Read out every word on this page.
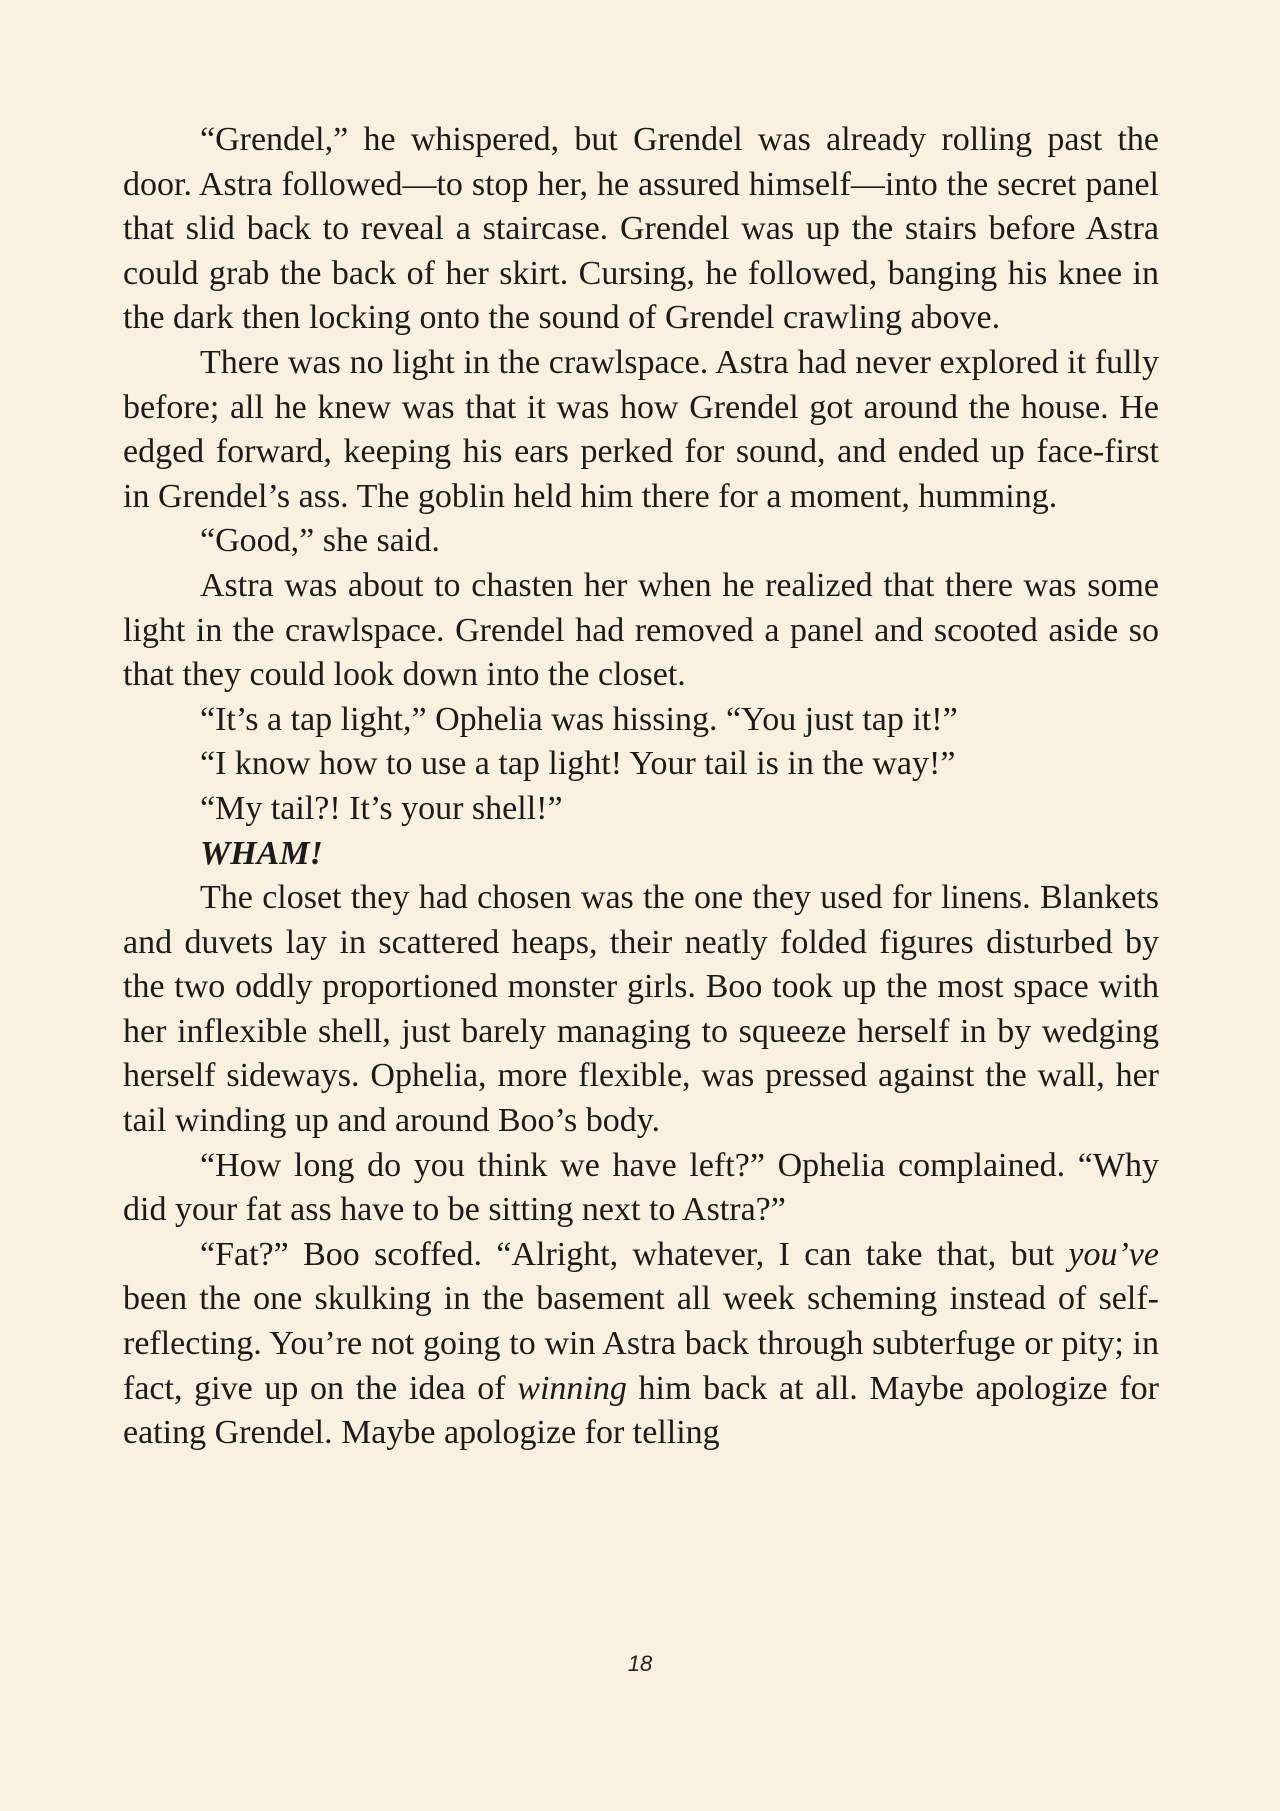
“Grendel,” he whispered, but Grendel was already rolling past the door. Astra followed—to stop her, he assured himself—into the secret panel that slid back to reveal a staircase. Grendel was up the stairs before Astra could grab the back of her skirt. Cursing, he followed, banging his knee in the dark then locking onto the sound of Grendel crawling above.

There was no light in the crawlspace. Astra had never explored it fully before; all he knew was that it was how Grendel got around the house. He edged forward, keeping his ears perked for sound, and ended up face-first in Grendel’s ass. The goblin held him there for a moment, humming.

“Good,” she said.

Astra was about to chasten her when he realized that there was some light in the crawlspace. Grendel had removed a panel and scooted aside so that they could look down into the closet.

“It’s a tap light,” Ophelia was hissing. “You just tap it!”

“I know how to use a tap light! Your tail is in the way!”

“My tail?! It’s your shell!”

WHAM!

The closet they had chosen was the one they used for linens. Blankets and duvets lay in scattered heaps, their neatly folded figures disturbed by the two oddly proportioned monster girls. Boo took up the most space with her inflexible shell, just barely managing to squeeze herself in by wedging herself sideways. Ophelia, more flexible, was pressed against the wall, her tail winding up and around Boo’s body.

“How long do you think we have left?” Ophelia complained. “Why did your fat ass have to be sitting next to Astra?”

“Fat?” Boo scoffed. “Alright, whatever, I can take that, but you’ve been the one skulking in the basement all week scheming instead of self-reflecting. You’re not going to win Astra back through subterfuge or pity; in fact, give up on the idea of winning him back at all. Maybe apologize for eating Grendel. Maybe apologize for telling

18
